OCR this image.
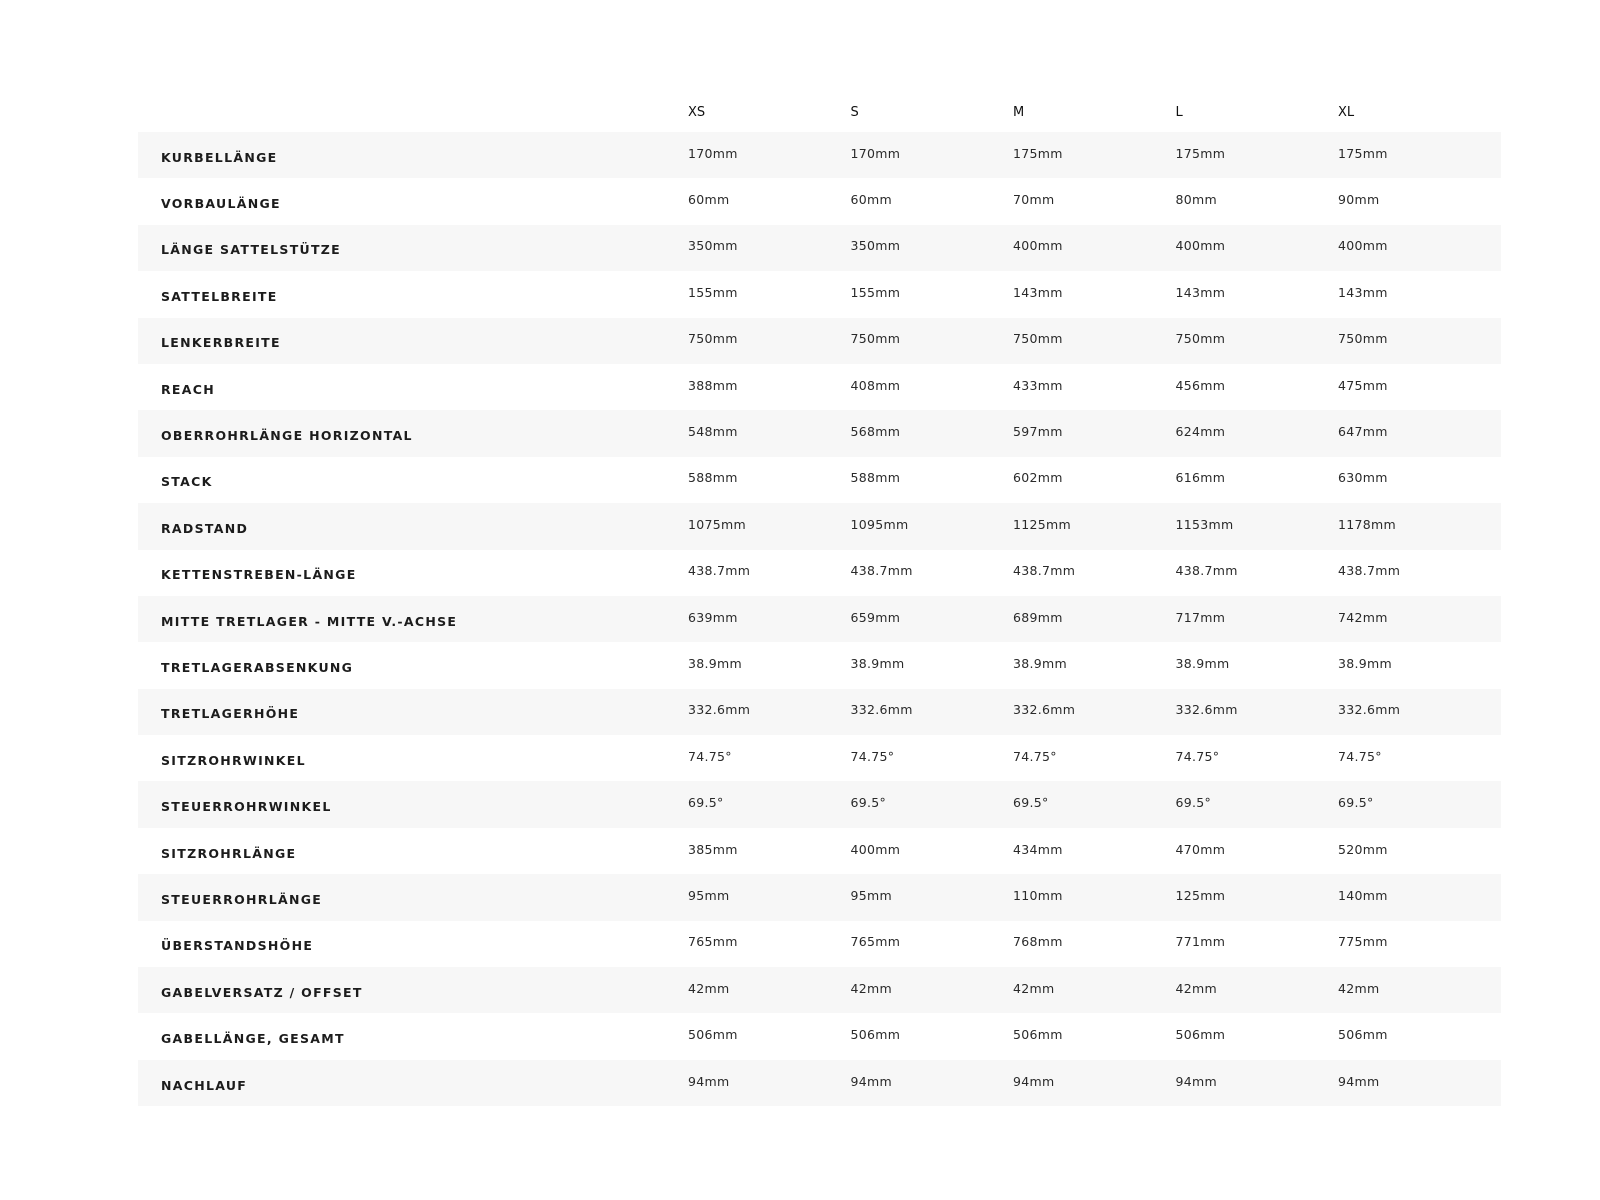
	XS	S	M	L	XL
KURBELLÄNGE	170mm	170mm	175mm	175mm	175mm
VORBAULÄNGE	60mm	60mm	70mm	80mm	90mm
LÄNGE SATTELSTÜTZE	350mm	350mm	400mm	400mm	400mm
SATTELBREITE	155mm	155mm	143mm	143mm	143mm
LENKERBREITE	750mm	750mm	750mm	750mm	750mm
REACH	388mm	408mm	433mm	456mm	475mm
OBERROHRLÄNGE HORIZONTAL	548mm	568mm	597mm	624mm	647mm
STACK	588mm	588mm	602mm	616mm	630mm
RADSTAND	1075mm	1095mm	1125mm	1153mm	1178mm
KETTENSTREBEN-LÄNGE	438.7mm	438.7mm	438.7mm	438.7mm	438.7mm
MITTE TRETLAGER - MITTE V.-ACHSE	639mm	659mm	689mm	717mm	742mm
TRETLAGERABSENKUNG	38.9mm	38.9mm	38.9mm	38.9mm	38.9mm
TRETLAGERHÖHE	332.6mm	332.6mm	332.6mm	332.6mm	332.6mm
SITZROHRWINKEL	74.75°	74.75°	74.75°	74.75°	74.75°
STEUERROHRWINKEL	69.5°	69.5°	69.5°	69.5°	69.5°
SITZROHRLÄNGE	385mm	400mm	434mm	470mm	520mm
STEUERROHRLÄNGE	95mm	95mm	110mm	125mm	140mm
ÜBERSTANDSHÖHE	765mm	765mm	768mm	771mm	775mm
GABELVERSATZ / OFFSET	42mm	42mm	42mm	42mm	42mm
GABELLÄNGE, GESAMT	506mm	506mm	506mm	506mm	506mm
NACHLAUF	94mm	94mm	94mm	94mm	94mm
